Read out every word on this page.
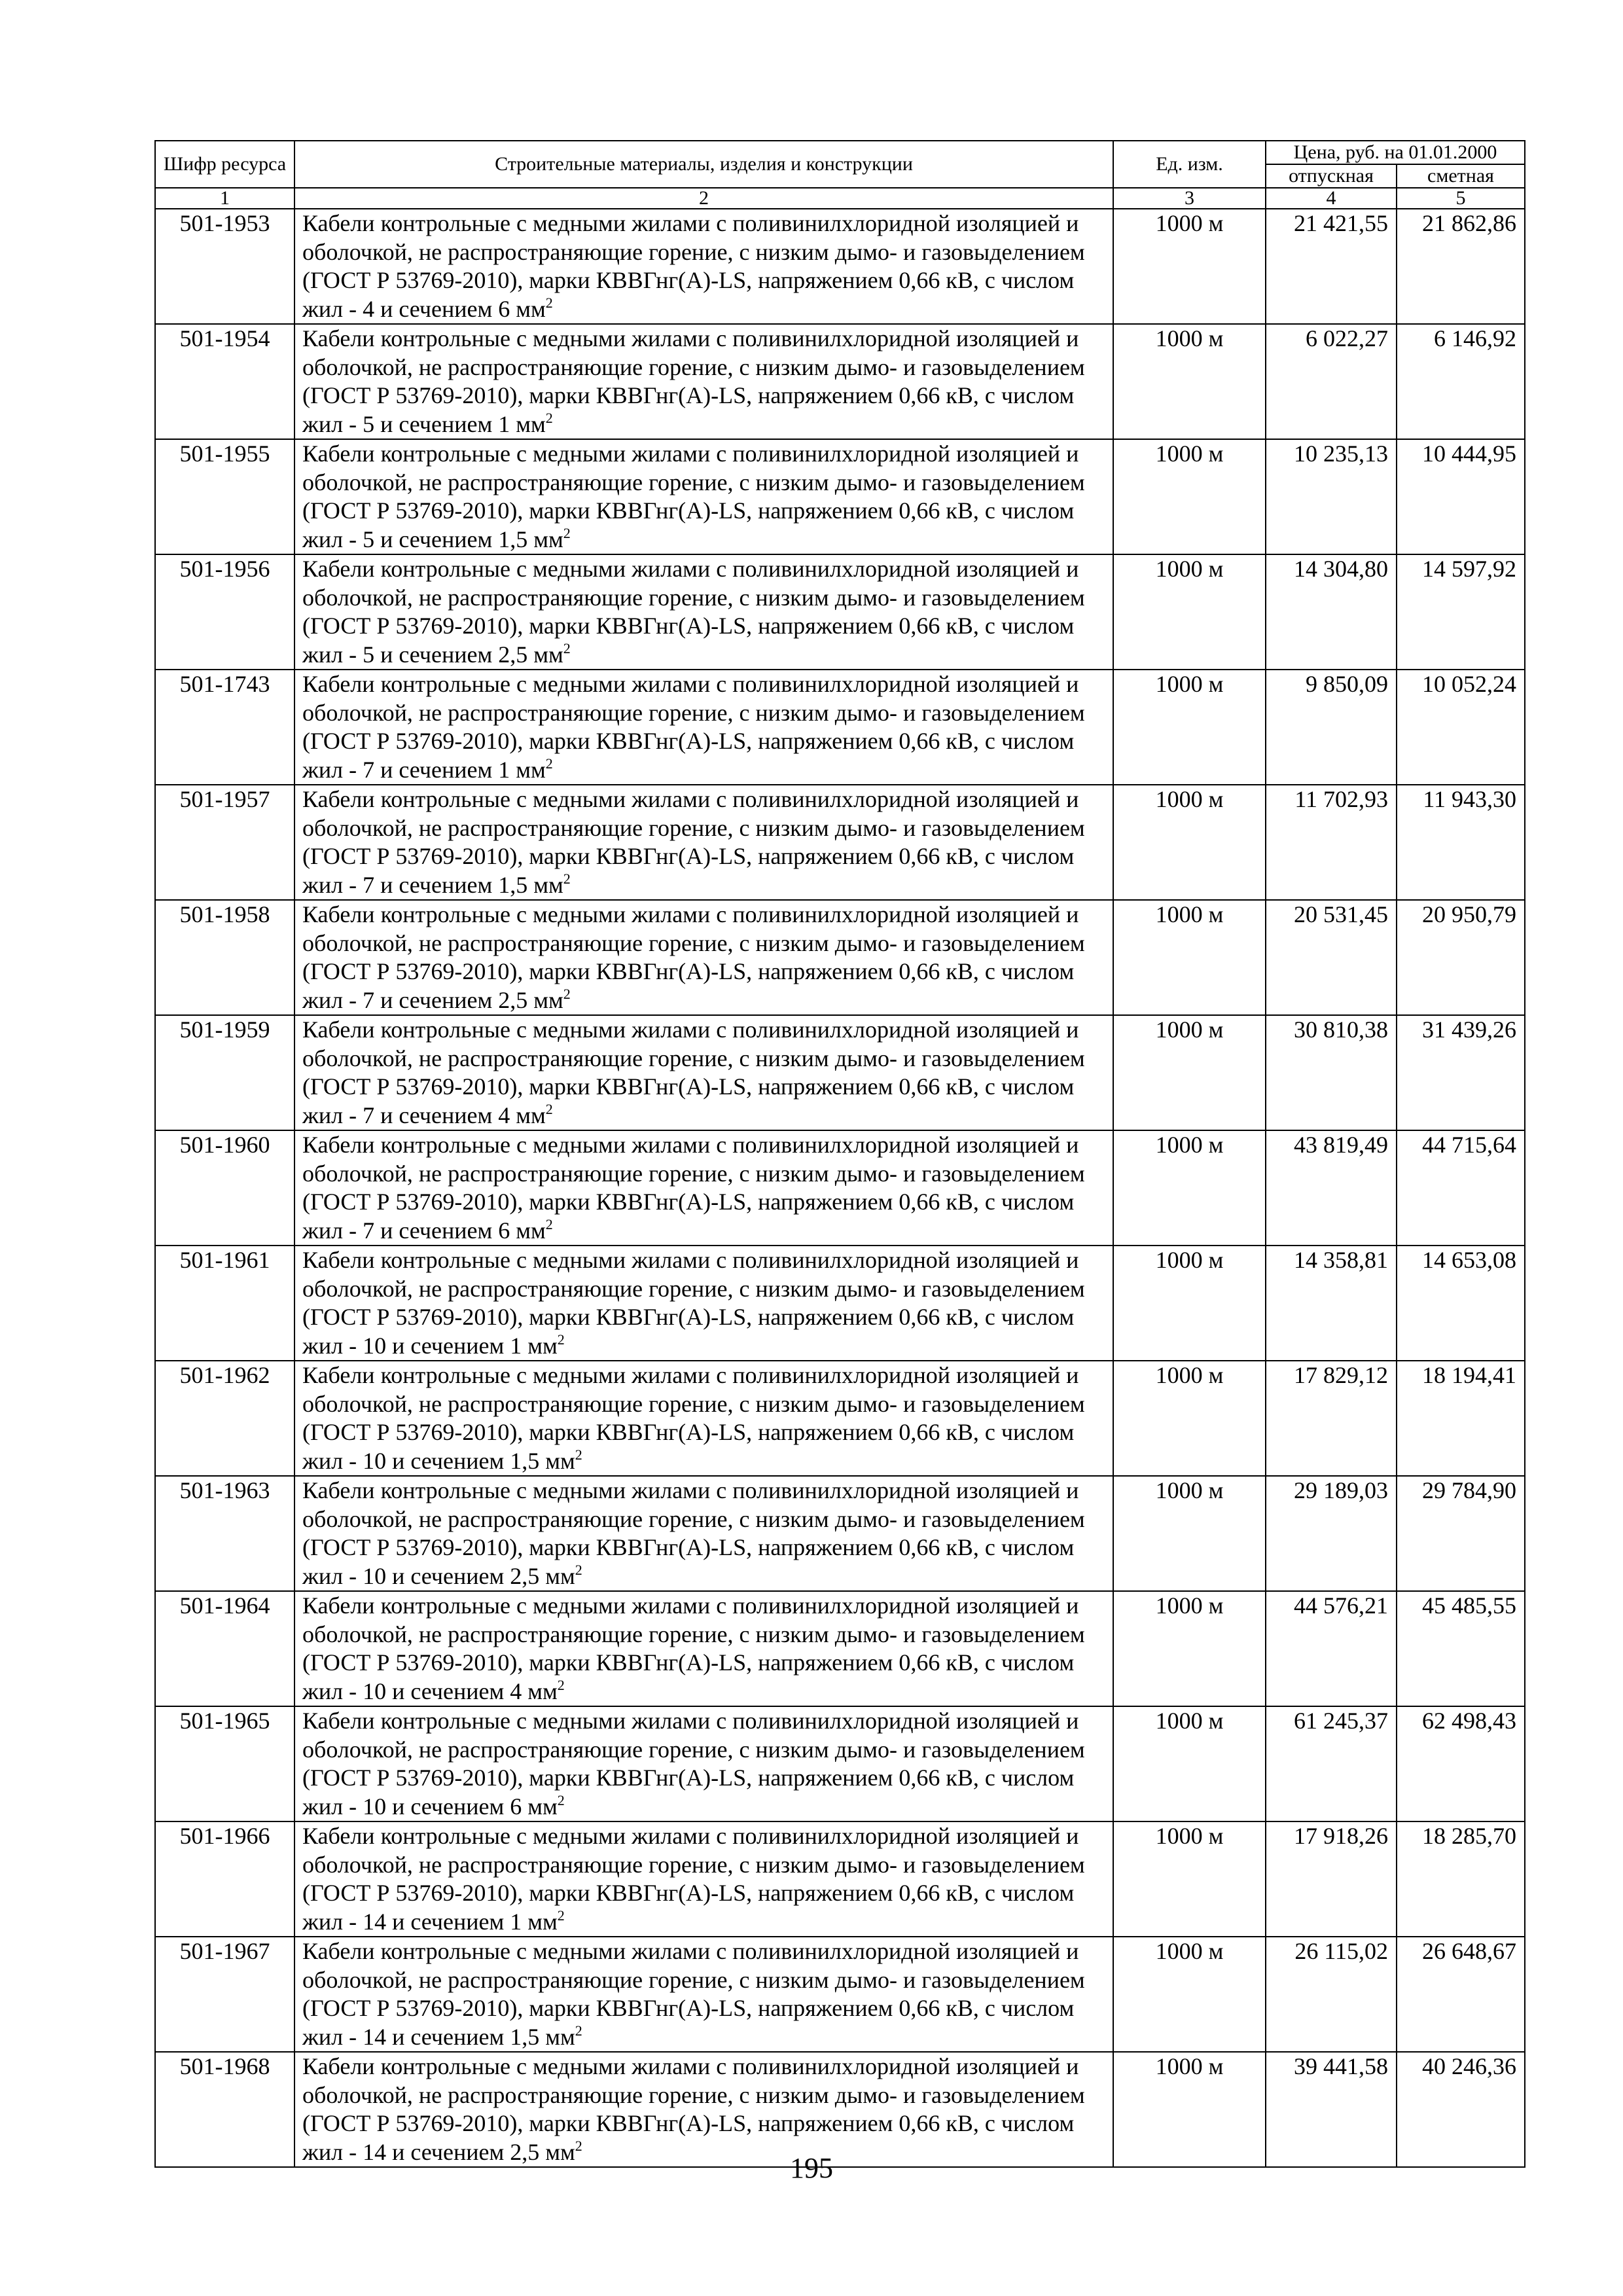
Шифр ресурса	Строительные материалы, изделия и конструкции	Ед. изм.	Цена, руб. на 01.01.2000	
			отпускная	сметная
1	2	3	4	5
501-1953	Кабели контрольные с медными жилами с поливинилхлоридной изоляцией и оболочкой, не распространяющие горение, с низким дымо- и газовыделением (ГОСТ Р 53769-2010), марки КВВГнг(A)-LS, напряжением 0,66 кВ, с числом жил - 4 и сечением 6 $мм^2$	1000 м	21 421,55	21 862,86
501-1954	Кабели контрольные с медными жилами с поливинилхлоридной изоляцией и оболочкой, не распространяющие горение, с низким дымо- и газовыделением (ГОСТ Р 53769-2010), марки КВВГнг(A)-LS, напряжением 0,66 кВ, с числом жил - 5 и сечением 1 $мм^2$	1000 м	6 022,27	6 146,92
501-1955	Кабели контрольные с медными жилами с поливинилхлоридной изоляцией и оболочкой, не распространяющие горение, с низким дымо- и газовыделением (ГОСТ Р 53769-2010), марки КВВГнг(A)-LS, напряжением 0,66 кВ, с числом жил - 5 и сечением 1,5 $мм^2$	1000 м	10 235,13	10 444,95
501-1956	Кабели контрольные с медными жилами с поливинилхлоридной изоляцией и оболочкой, не распространяющие горение, с низким дымо- и газовыделением (ГОСТ Р 53769-2010), марки КВВГнг(A)-LS, напряжением 0,66 кВ, с числом жил - 5 и сечением 2,5 $мм^2$	1000 м	14 304,80	14 597,92
501-1743	Кабели контрольные с медными жилами с поливинилхлоридной изоляцией и оболочкой, не распространяющие горение, с низким дымо- и газовыделением (ГОСТ Р 53769-2010), марки КВВГнг(A)-LS, напряжением 0,66 кВ, с числом жил - 7 и сечением 1 $мм^2$	1000 м	9 850,09	10 052,24
501-1957	Кабели контрольные с медными жилами с поливинилхлоридной изоляцией и оболочкой, не распространяющие горение, с низким дымо- и газовыделением (ГОСТ Р 53769-2010), марки КВВГнг(A)-LS, напряжением 0,66 кВ, с числом жил - 7 и сечением 1,5 $мм^2$	1000 м	11 702,93	11 943,30
501-1958	Кабели контрольные с медными жилами с поливинилхлоридной изоляцией и оболочкой, не распространяющие горение, с низким дымо- и газовыделением (ГОСТ Р 53769-2010), марки КВВГнг(A)-LS, напряжением 0,66 кВ, с числом жил - 7 и сечением 2,5 $мм^2$	1000 м	20 531,45	20 950,79
501-1959	Кабели контрольные с медными жилами с поливинилхлоридной изоляцией и оболочкой, не распространяющие горение, с низким дымо- и газовыделением (ГОСТ Р 53769-2010), марки КВВГнг(A)-LS, напряжением 0,66 кВ, с числом жил - 7 и сечением 4 $мм^2$	1000 м	30 810,38	31 439,26
501-1960	Кабели контрольные с медными жилами с поливинилхлоридной изоляцией и оболочкой, не распространяющие горение, с низким дымо- и газовыделением (ГОСТ Р 53769-2010), марки КВВГнг(A)-LS, напряжением 0,66 кВ, с числом жил - 7 и сечением 6 $мм^2$	1000 м	43 819,49	44 715,64
501-1961	Кабели контрольные с медными жилами с поливинилхлоридной изоляцией и оболочкой, не распространяющие горение, с низким дымо- и газовыделением (ГОСТ Р 53769-2010), марки КВВГнг(A)-LS, напряжением 0,66 кВ, с числом жил - 10 и сечением 1 $мм^2$	1000 м	14 358,81	14 653,08
501-1962	Кабели контрольные с медными жилами с поливинилхлоридной изоляцией и оболочкой, не распространяющие горение, с низким дымо- и газовыделением (ГОСТ Р 53769-2010), марки КВВГнг(A)-LS, напряжением 0,66 кВ, с числом жил - 10 и сечением 1,5 $мм^2$	1000 м	17 829,12	18 194,41
501-1963	Кабели контрольные с медными жилами с поливинилхлоридной изоляцией и оболочкой, не распространяющие горение, с низким дымо- и газовыделением (ГОСТ Р 53769-2010), марки КВВГнг(A)-LS, напряжением 0,66 кВ, с числом жил - 10 и сечением 2,5 $мм^2$	1000 м	29 189,03	29 784,90
501-1964	Кабели контрольные с медными жилами с поливинилхлоридной изоляцией и оболочкой, не распространяющие горение, с низким дымо- и газовыделением (ГОСТ Р 53769-2010), марки КВВГнг(A)-LS, напряжением 0,66 кВ, с числом жил - 10 и сечением 4 $мм^2$	1000 м	44 576,21	45 485,55
501-1965	Кабели контрольные с медными жилами с поливинилхлоридной изоляцией и оболочкой, не распространяющие горение, с низким дымо- и газовыделением (ГОСТ Р 53769-2010), марки КВВГнг(A)-LS, напряжением 0,66 кВ, с числом жил - 10 и сечением 6 $мм^2$	1000 м	61 245,37	62 498,43
501-1966	Кабели контрольные с медными жилами с поливинилхлоридной изоляцией и оболочкой, не распространяющие горение, с низким дымо- и газовыделением (ГОСТ Р 53769-2010), марки КВВГнг(A)-LS, напряжением 0,66 кВ, с числом жил - 14 и сечением 1 $мм^2$	1000 м	17 918,26	18 285,70
501-1967	Кабели контрольные с медными жилами с поливинилхлоридной изоляцией и оболочкой, не распространяющие горение, с низким дымо- и газовыделением (ГОСТ Р 53769-2010), марки КВВГнг(A)-LS, напряжением 0,66 кВ, с числом жил - 14 и сечением 1,5 $мм^2$	1000 м	26 115,02	26 648,67
501-1968	Кабели контрольные с медными жилами с поливинилхлоридной изоляцией и оболочкой, не распространяющие горение, с низким дымо- и газовыделением (ГОСТ Р 53769-2010), марки КВВГнг(A)-LS, напряжением 0,66 кВ, с числом жил - 14 и сечением 2,5 $мм^2$	1000 м	39 441,58	40 246,36
195
